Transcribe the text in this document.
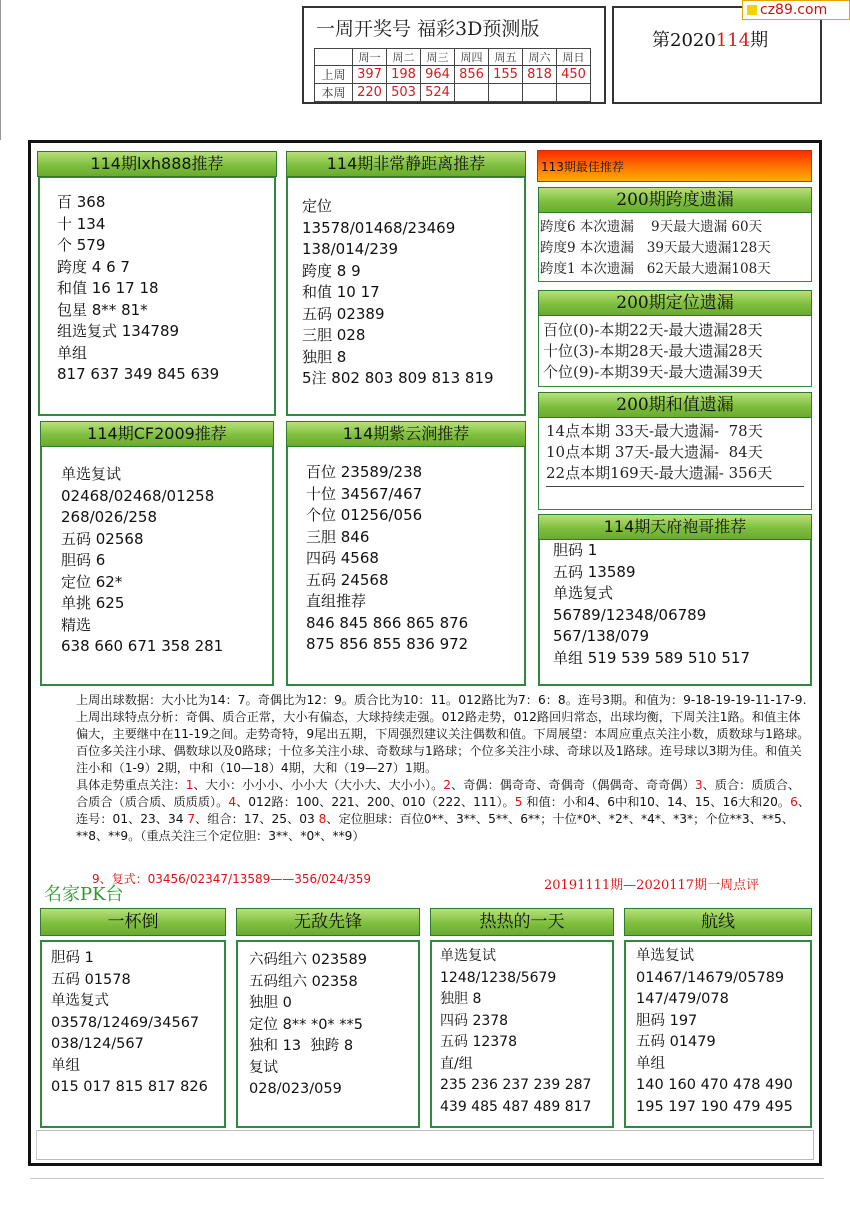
一周开奖号 福彩3D预测版
	周一	周二	周三	周四	周五	周六	周日
上周	397	198	964	856	155	818	450
本周	220	503	524				
第2020114期
cz89.com
114期lxh888推荐
百 368
十 134
个 579
跨度 4 6 7
和值 16 17 18
包星 8** 81*
组选复式 134789
单组
817 637 349 845 639
114期非常静距离推荐
定位
13578/01468/23469
138/014/239
跨度 8 9
和值 10 17
五码 02389
三胆 028
独胆 8
5注 802 803 809 813 819
114期CF2009推荐
单选复试
02468/02468/01258
268/026/258
五码 02568
胆码 6
定位 62*
单挑 625
精选
638 660 671 358 281
114期紫云涧推荐
百位 23589/238
十位 34567/467
个位 01256/056
三胆 846
四码 4568
五码 24568
直组推荐
846 845 866 865 876
875 856 855 836 972
113期最佳推荐
200期跨度遗漏
跨度6 本次遗漏    9天最大遗漏 60天
跨度9 本次遗漏   39天最大遗漏128天
跨度1 本次遗漏   62天最大遗漏108天
200期定位遗漏
百位(0)-本期22天-最大遗漏28天
十位(3)-本期28天-最大遗漏28天
个位(9)-本期39天-最大遗漏39天
200期和值遗漏
14点本期 33天-最大遗漏-  78天
10点本期 37天-最大遗漏-  84天
22点本期169天-最大遗漏- 356天
114期天府袍哥推荐
胆码 1
五码 13589
单选复式
56789/12348/06789
567/138/079
单组 519 539 589 510 517

上周出球数据：大小比为14：7。奇偶比为12：9。质合比为10：11。012路比为7：6：8。连号3期。和值为：9-18-19-19-11-17-9.上周出球特点分析：奇偶、质合正常，大小有偏态，大球持续走强。012路走势，012路回归常态，出球均衡，下周关注1路。和值主体偏大，主要继中在11-19之间。走势奇特，9尾出五期，下周强烈建议关注偶数和值。下周展望：本周应重点关注小数，质数球与1路球。百位多关注小球、偶数球以及0路球；十位多关注小球、奇数球与1路球；个位多关注小球、奇球以及1路球。连号球以3期为佳。和值关注小和（1-9）2期，中和（10—18）4期，大和（19—27）1期。

具体走势重点关注：1、大小：小小小、小小大（大小大、大小小）。2、奇偶：偶奇奇、奇偶奇（偶偶奇、奇奇偶）3、质合：质质合、合质合（质合质、质质质）。4、012路：100、221、200、010（222、111）。5 和值：小和4、6中和10、14、15、16大和20。6、连号：01、23、34 7、组合：17、25、03 8、定位胆球：百位0**、3**、5**、6**；十位*0*、*2*、*4*、*3*；个位**3、**5、**8、**9。（重点关注三个定位胆：3**、*0*、**9）

9、复式：03456/02347/13589——356/024/359
名家PK台	20191111期—2020117期一周点评
一杯倒
胆码 1
五码 01578
单选复式
03578/12469/34567
038/124/567
单组
015 017 815 817 826
无敌先锋
六码组六 023589
五码组六 02358
独胆 0
定位 8** *0* **5
独和 13  独跨 8
复试
028/023/059
热热的一天
单选复试
1248/1238/5679
独胆 8
四码 2378
五码 12378
直/组
235 236 237 239 287
439 485 487 489 817
航线
单选复试
01467/14679/05789
147/479/078
胆码 197
五码 01479
单组
140 160 470 478 490
195 197 190 479 495
